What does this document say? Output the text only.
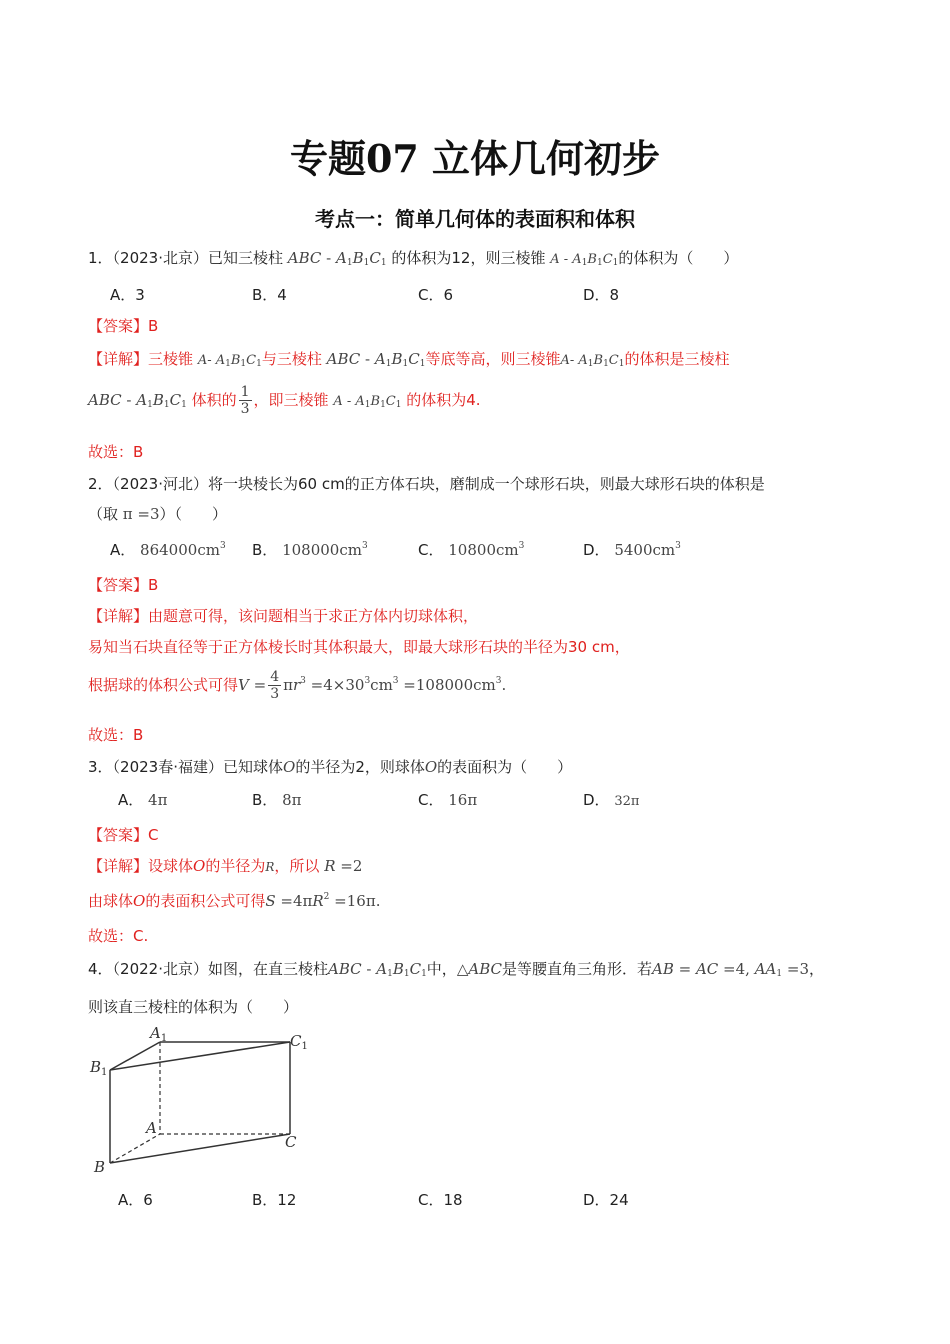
专题07 立体几何初步
考点一：简单几何体的表面积和体积
1．（2023·北京）已知三棱柱 ABC - $A_1B_1C_1$ 的体积为12，则三棱锥 A - $A_1B_1C_1$的体积为（　　）
A．3	B．4	C．6	D．8
【答案】B
【详解】三棱锥 A- $A_1B_1C_1$与三棱柱 ABC - $A_1B_1C_1$等底等高，则三棱锥A- $A_1B_1C_1$的体积是三棱柱
ABC - $A_1B_1C_1$ 体积的 $\frac{1}{3}$ ，即三棱锥 A - $A_1B_1C_1$ 的体积为4.
故选：B
2．（2023·河北）将一块棱长为60 cm的正方体石块，磨制成一个球形石块，则最大球形石块的体积是
（取 π =3）（　　）
A． $864000cm^3$ B． $108000cm^3$	C． $10800cm^3$	D． $5400cm^3$
【答案】B
【详解】由题意可得，该问题相当于求正方体内切球体积，
易知当石块直径等于正方体棱长时其体积最大，即最大球形石块的半径为30 cm，
根据球的体积公式可得$V = \frac{4}{3} \pi r^3 =4\times 30^3cm^3 =108000cm^3$.
故选：B
3．（2023春·福建）已知球体O的半径为2，则球体O的表面积为（　　）
A． 4π	B． 8π	C． 16π	D． 32π
【答案】C
【详解】设球体O的半径为R，所以 R =2
由球体O的表面积公式可得$S =4\pi R^2 =16\pi$.
故选：C.
4．（2022·北京）如图，在直三棱柱ABC - $A_1B_1C_1$中，△ABC是等腰直角三角形．若AB = AC =4, $AA_1 =3$，
则该直三棱柱的体积为（　　）
$A_1$
$B_1$
$C_1$
A
B
C
A．6	B．12	C．18	D．24
